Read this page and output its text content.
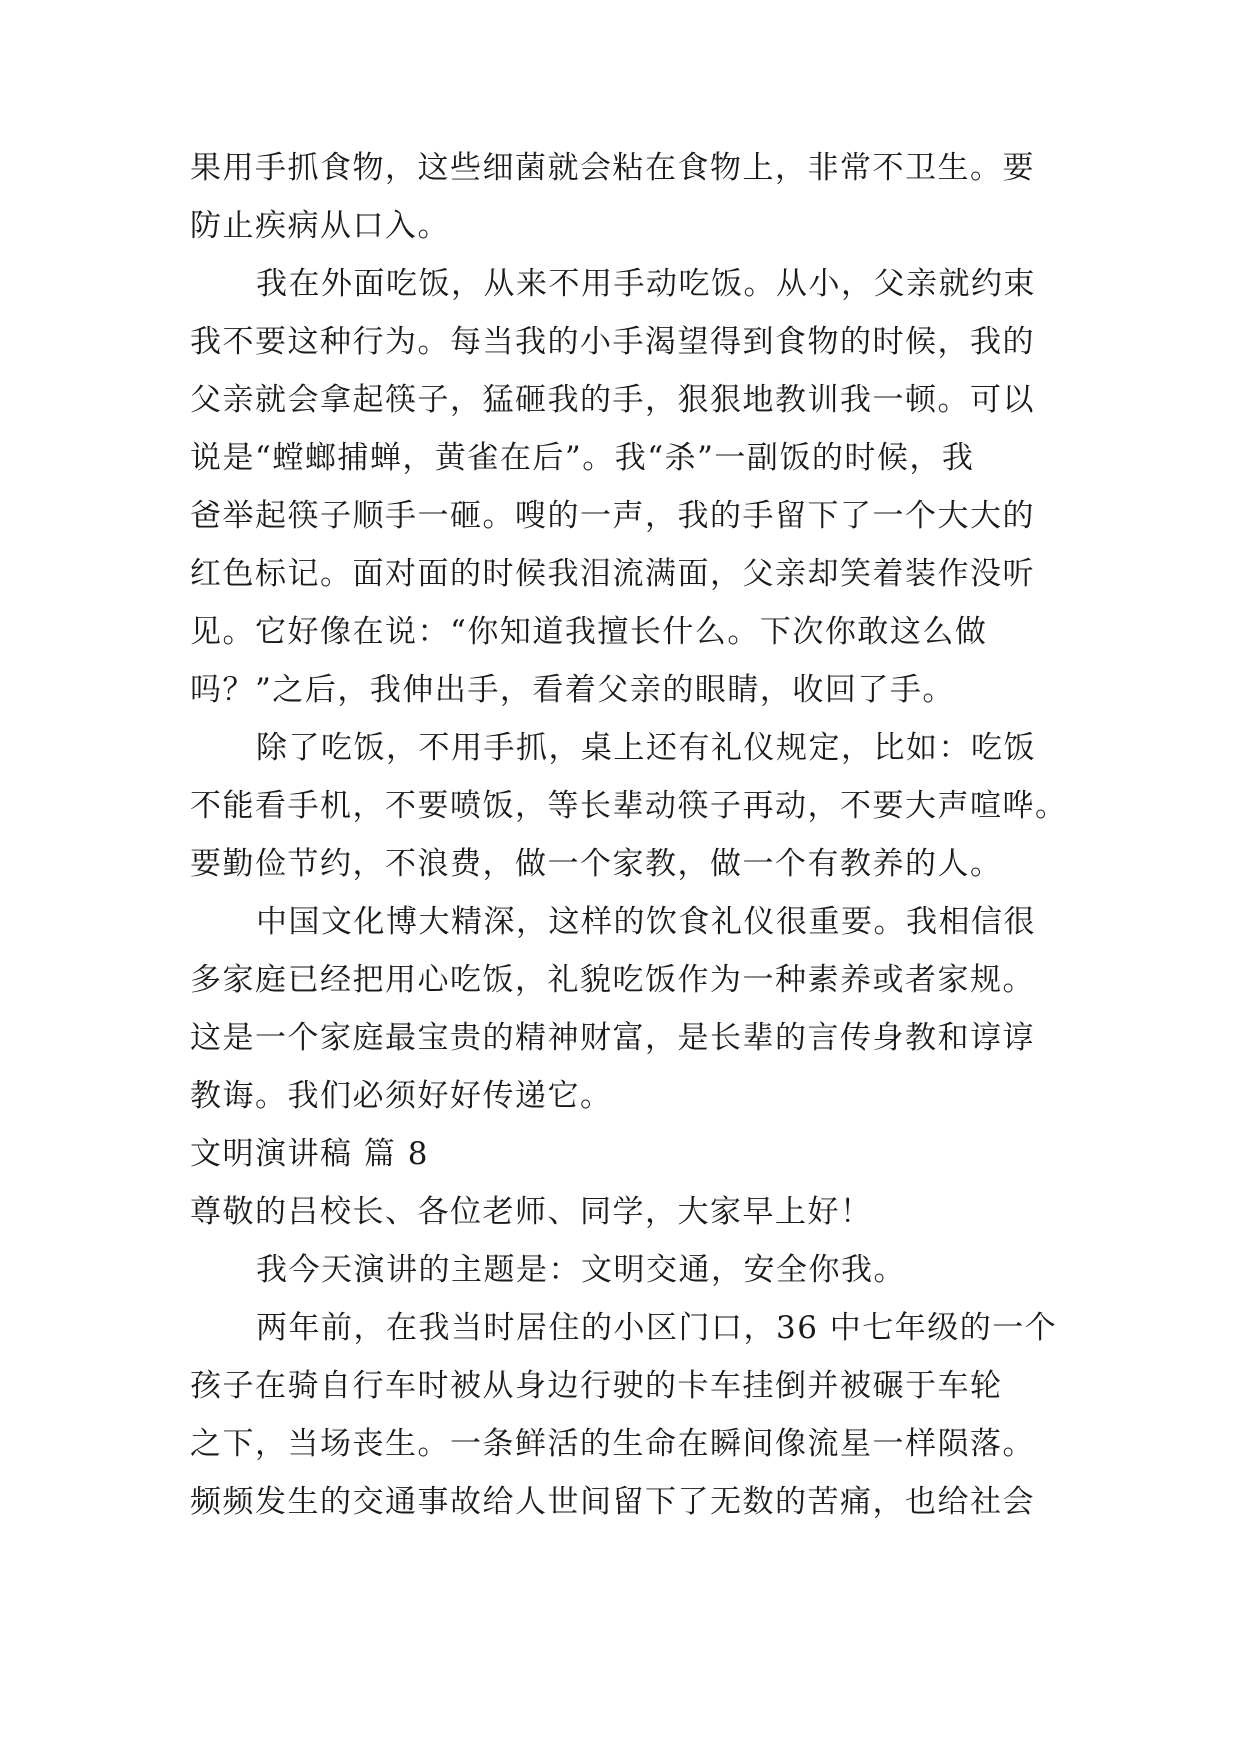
果用手抓食物，这些细菌就会粘在食物上，非常不卫生。要
防止疾病从口入。
我在外面吃饭，从来不用手动吃饭。从小，父亲就约束
我不要这种行为。每当我的小手渴望得到食物的时候，我的
父亲就会拿起筷子，猛砸我的手，狠狠地教训我一顿。可以
说是“螳螂捕蝉，黄雀在后”。我“杀”一副饭的时候，我
爸举起筷子顺手一砸。嗖的一声，我的手留下了一个大大的
红色标记。面对面的时候我泪流满面，父亲却笑着装作没听
见。它好像在说：“你知道我擅长什么。下次你敢这么做
吗？”之后，我伸出手，看着父亲的眼睛，收回了手。
除了吃饭，不用手抓，桌上还有礼仪规定，比如：吃饭
不能看手机，不要喷饭，等长辈动筷子再动，不要大声喧哗。
要勤俭节约，不浪费，做一个家教，做一个有教养的人。
中国文化博大精深，这样的饮食礼仪很重要。我相信很
多家庭已经把用心吃饭，礼貌吃饭作为一种素养或者家规。
这是一个家庭最宝贵的精神财富，是长辈的言传身教和谆谆
教诲。我们必须好好传递它。
文明演讲稿 篇 8
尊敬的吕校长、各位老师、同学，大家早上好！
我今天演讲的主题是：文明交通，安全你我。
两年前，在我当时居住的小区门口，36 中七年级的一个
孩子在骑自行车时被从身边行驶的卡车挂倒并被碾于车轮
之下，当场丧生。一条鲜活的生命在瞬间像流星一样陨落。
频频发生的交通事故给人世间留下了无数的苦痛，也给社会
